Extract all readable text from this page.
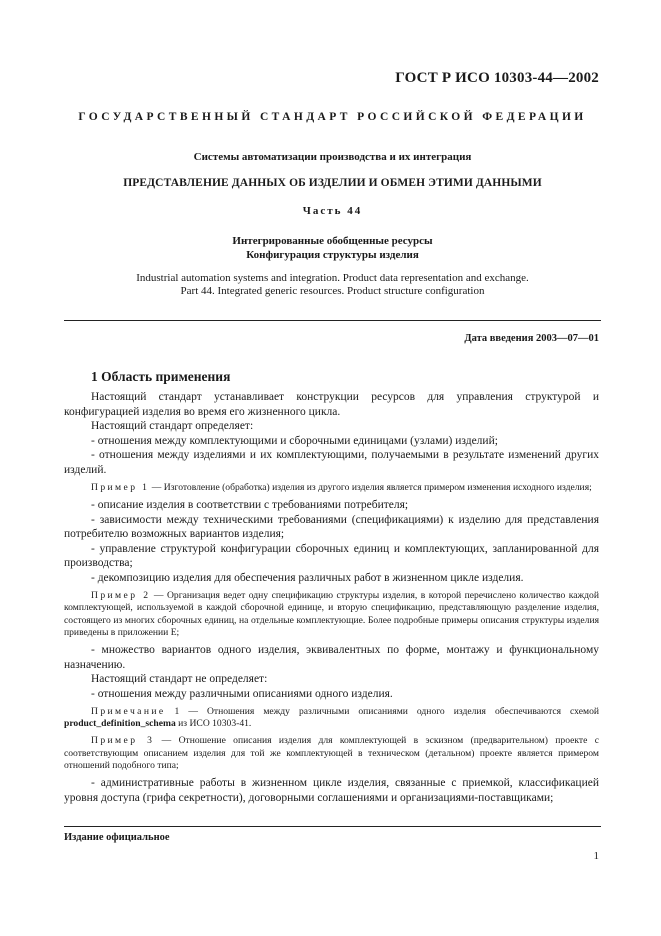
ГОСТ Р ИСО 10303-44—2002
ГОСУДАРСТВЕННЫЙ СТАНДАРТ РОССИЙСКОЙ ФЕДЕРАЦИИ
Системы автоматизации производства и их интеграция
ПРЕДСТАВЛЕНИЕ ДАННЫХ ОБ ИЗДЕЛИИ И ОБМЕН ЭТИМИ ДАННЫМИ
Часть 44
Интегрированные обобщенные ресурсы
Конфигурация структуры изделия
Industrial automation systems and integration. Product data representation and exchange.
Part 44. Integrated generic resources. Product structure configuration
Дата введения 2003—07—01
1 Область применения

Настоящий стандарт устанавливает конструкции ресурсов для управления структурой и конфигурацией изделия во время его жизненного цикла.

Настоящий стандарт определяет:

- отношения между комплектующими и сборочными единицами (узлами) изделий;

- отношения между изделиями и их комплектующими, получаемыми в результате изменений других изделий.

Пример 1 — Изготовление (обработка) изделия из другого изделия является примером изменения исходного изделия;

- описание изделия в соответствии с требованиями потребителя;

- зависимости между техническими требованиями (спецификациями) к изделию для представления потребителю возможных вариантов изделия;

- управление структурой конфигурации сборочных единиц и комплектующих, запланированной для производства;

- декомпозицию изделия для обеспечения различных работ в жизненном цикле изделия.

Пример 2 — Организация ведет одну спецификацию структуры изделия, в которой перечислено количество каждой комплектующей, используемой в каждой сборочной единице, и вторую спецификацию, представляющую разделение изделия, состоящего из многих сборочных единиц, на отдельные комплектующие. Более подробные примеры описания структуры изделия приведены в приложении Е;

- множество вариантов одного изделия, эквивалентных по форме, монтажу и функциональному назначению.

Настоящий стандарт не определяет:

- отношения между различными описаниями одного изделия.

Примечание 1 — Отношения между различными описаниями одного изделия обеспечиваются схемой product_definition_schema из ИСО 10303-41.

Пример 3 — Отношение описания изделия для комплектующей в эскизном (предварительном) проекте с соответствующим описанием изделия для той же комплектующей в техническом (детальном) проекте является примером отношений подобного типа;

- административные работы в жизненном цикле изделия, связанные с приемкой, классификацией уровня доступа (грифа секретности), договорными соглашениями и организациями-поставщиками;

Издание официальное
1
